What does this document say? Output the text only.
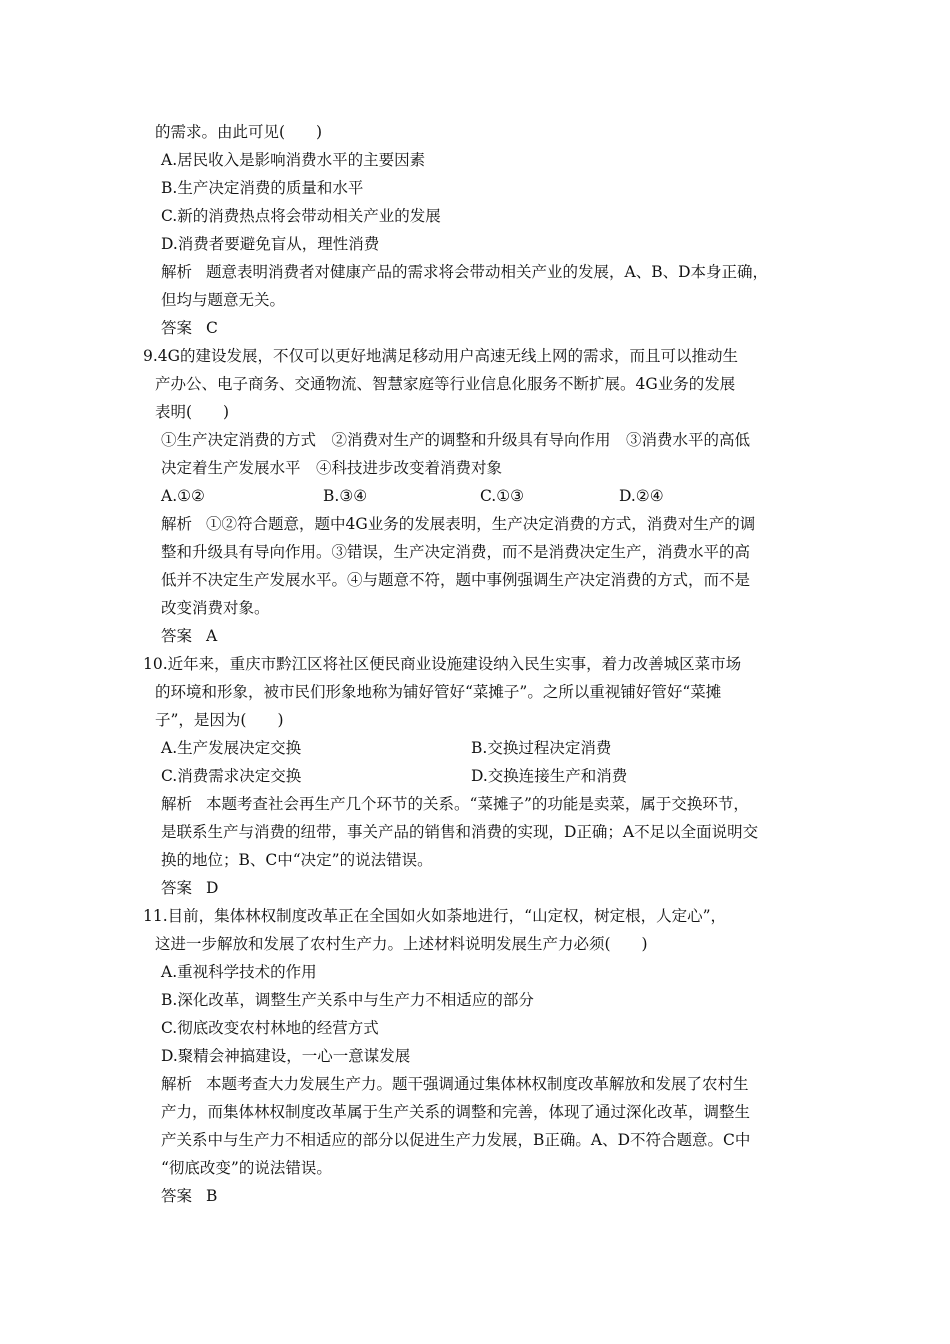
的需求。由此可见(　　)
A.居民收入是影响消费水平的主要因素
B.生产决定消费的质量和水平
C.新的消费热点将会带动相关产业的发展
D.消费者要避免盲从，理性消费
解析 题意表明消费者对健康产品的需求将会带动相关产业的发展，A、B、D本身正确，
但均与题意无关。
答案 C
9.4G的建设发展，不仅可以更好地满足移动用户高速无线上网的需求，而且可以推动生
产办公、电子商务、交通物流、智慧家庭等行业信息化服务不断扩展。4G业务的发展
表明(　　)
①生产决定消费的方式　②消费对生产的调整和升级具有导向作用　③消费水平的高低
决定着生产发展水平　④科技进步改变着消费对象
A.①②	B.③④	C.①③	D.②④
解析 ①②符合题意，题中4G业务的发展表明，生产决定消费的方式，消费对生产的调
整和升级具有导向作用。③错误，生产决定消费，而不是消费决定生产，消费水平的高
低并不决定生产发展水平。④与题意不符，题中事例强调生产决定消费的方式，而不是
改变消费对象。
答案 A
10.近年来，重庆市黔江区将社区便民商业设施建设纳入民生实事，着力改善城区菜市场
的环境和形象，被市民们形象地称为铺好管好“菜摊子”。之所以重视铺好管好“菜摊
子”，是因为(　　)
A.生产发展决定交换	B.交换过程决定消费
C.消费需求决定交换	D.交换连接生产和消费
解析 本题考查社会再生产几个环节的关系。“菜摊子”的功能是卖菜，属于交换环节，
是联系生产与消费的纽带，事关产品的销售和消费的实现，D正确；A不足以全面说明交
换的地位；B、C中“决定”的说法错误。
答案 D
11.目前，集体林权制度改革正在全国如火如荼地进行，“山定权，树定根，人定心”，
这进一步解放和发展了农村生产力。上述材料说明发展生产力必须(　　)
A.重视科学技术的作用
B.深化改革，调整生产关系中与生产力不相适应的部分
C.彻底改变农村林地的经营方式
D.聚精会神搞建设，一心一意谋发展
解析 本题考查大力发展生产力。题干强调通过集体林权制度改革解放和发展了农村生
产力，而集体林权制度改革属于生产关系的调整和完善，体现了通过深化改革，调整生
产关系中与生产力不相适应的部分以促进生产力发展，B正确。A、D不符合题意。C中
“彻底改变”的说法错误。
答案 B
